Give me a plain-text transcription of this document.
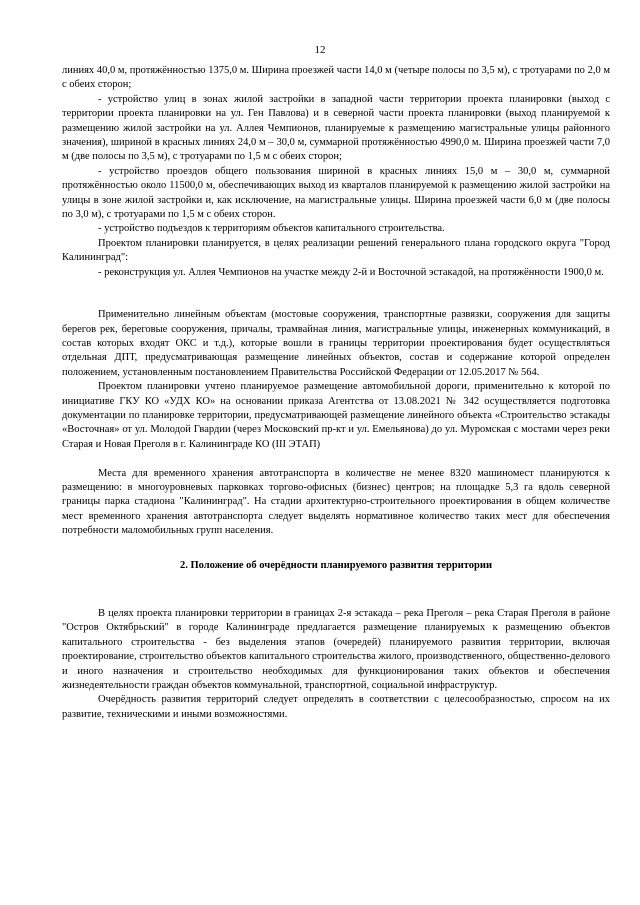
12

линиях 40,0 м, протяжённостью 1375,0 м. Ширина проезжей части 14,0 м (четыре полосы по 3,5 м), с тротуарами по 2,0 м с обеих сторон;

- устройство улиц в зонах жилой застройки в западной части территории проекта планировки (выход с территории проекта планировки на ул. Ген Павлова) и в северной части проекта планировки (выход планируемой к размещению жилой застройки на ул. Аллея Чемпионов, планируемые к размещению магистральные улицы районного значения), шириной в красных линиях 24,0 м – 30,0 м, суммарной протяжённостью 4990,0 м. Ширина проезжей части 7,0 м (две полосы по 3,5 м), с тротуарами по 1,5 м с обеих сторон;

- устройство проездов общего пользования шириной в красных линиях 15,0 м – 30,0 м, суммарной протяжённостью около 11500,0 м, обеспечивающих выход из кварталов планируемой к размещению жилой застройки на улицы в зоне жилой застройки и, как исключение, на магистральные улицы. Ширина проезжей части 6,0 м (две полосы по 3,0 м), с тротуарами по 1,5 м с обеих сторон.

- устройство подъездов к территориям объектов капитального строительства.

Проектом планировки планируется, в целях реализации решений генерального плана городского округа "Город Калининград":

- реконструкция ул. Аллея Чемпионов на участке между 2-й и Восточной эстакадой, на протяжённости 1900,0 м.

Применительно линейным объектам (мостовые сооружения, транспортные развязки, сооружения для защиты берегов рек, береговые сооружения, причалы, трамвайная линия, магистральные улицы, инженерных коммуникаций, в состав которых входят ОКС и т.д.), которые вошли в границы территории проектирования будет осуществляться отдельная ДПТ, предусматривающая размещение линейных объектов, состав и содержание которой определен положением, установленным постановлением Правительства Российской Федерации от 12.05.2017 № 564.

Проектом планировки учтено планируемое размещение автомобильной дороги, применительно к которой по инициативе ГКУ КО «УДХ КО» на основании приказа Агентства от 13.08.2021 № 342 осуществляется подготовка документации по планировке территории, предусматривающей размещение линейного объекта «Строительство эстакады «Восточная» от ул. Молодой Гвардии (через Московский пр-кт и ул. Емельянова) до ул. Муромская с мостами через реки Старая и Новая Преголя в г. Калининграде КО (III ЭТАП)

Места для временного хранения автотранспорта в количестве не менее 8320 машиномест планируются к размещению: в многоуровневых парковках торгово-офисных (бизнес) центров; на площадке 5,3 га вдоль северной границы парка стадиона "Калининград". На стадии архитектурно-строительного проектирования в общем количестве мест временного хранения автотранспорта следует выделять нормативное количество таких мест для обеспечения потребности маломобильных групп населения.

2. Положение об очерёдности планируемого развития территории

В целях проекта планировки территории в границах 2-я эстакада – река Преголя – река Старая Преголя в районе "Остров Октябрьский" в городе Калининграде предлагается размещение планируемых к размещению объектов капитального строительства - без выделения этапов (очередей) планируемого развития территории, включая проектирование, строительство объектов капитального строительства жилого, производственного, общественно-делового и иного назначения и строительство необходимых для функционирования таких объектов и обеспечения жизнедеятельности граждан объектов коммунальной, транспортной, социальной инфраструктур.

Очерёдность развития территорий следует определять в соответствии с целесообразностью, спросом на их развитие, техническими и иными возможностями.
